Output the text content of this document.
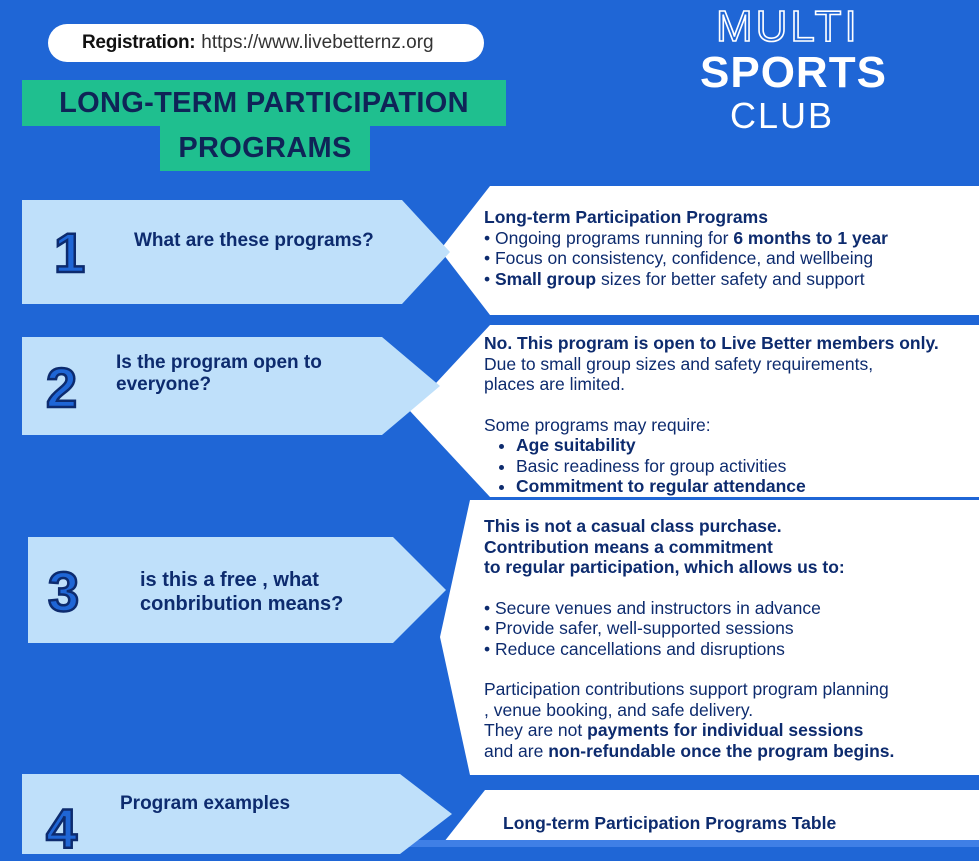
Registration: https://www.livebetternz.org
LONG-TERM PARTICIPATION
PROGRAMS
MULTI
SPORTS
CLUB
1	What are these programs?
2 Is the program open to
everyone?
3	is this a free , what
conbribution means?
4 Program examples
Long-term Participation Programs
• Ongoing programs running for 6 months to 1 year
• Focus on consistency, confidence, and wellbeing
• Small group sizes for better safety and support
No. This program is open to Live Better members only.
Due to small group sizes and safety requirements,
places are limited.
Some programs may require:
• Age suitability
• Basic readiness for group activities
• Commitment to regular attendance
This is not a casual class purchase.
Contribution means a commitment
to regular participation, which allows us to:
• Secure venues and instructors in advance
• Provide safer, well-supported sessions
• Reduce cancellations and disruptions
Participation contributions support program planning
, venue booking, and safe delivery.
They are not payments for individual sessions
and are non-refundable once the program begins.
Long-term Participation Programs Table
